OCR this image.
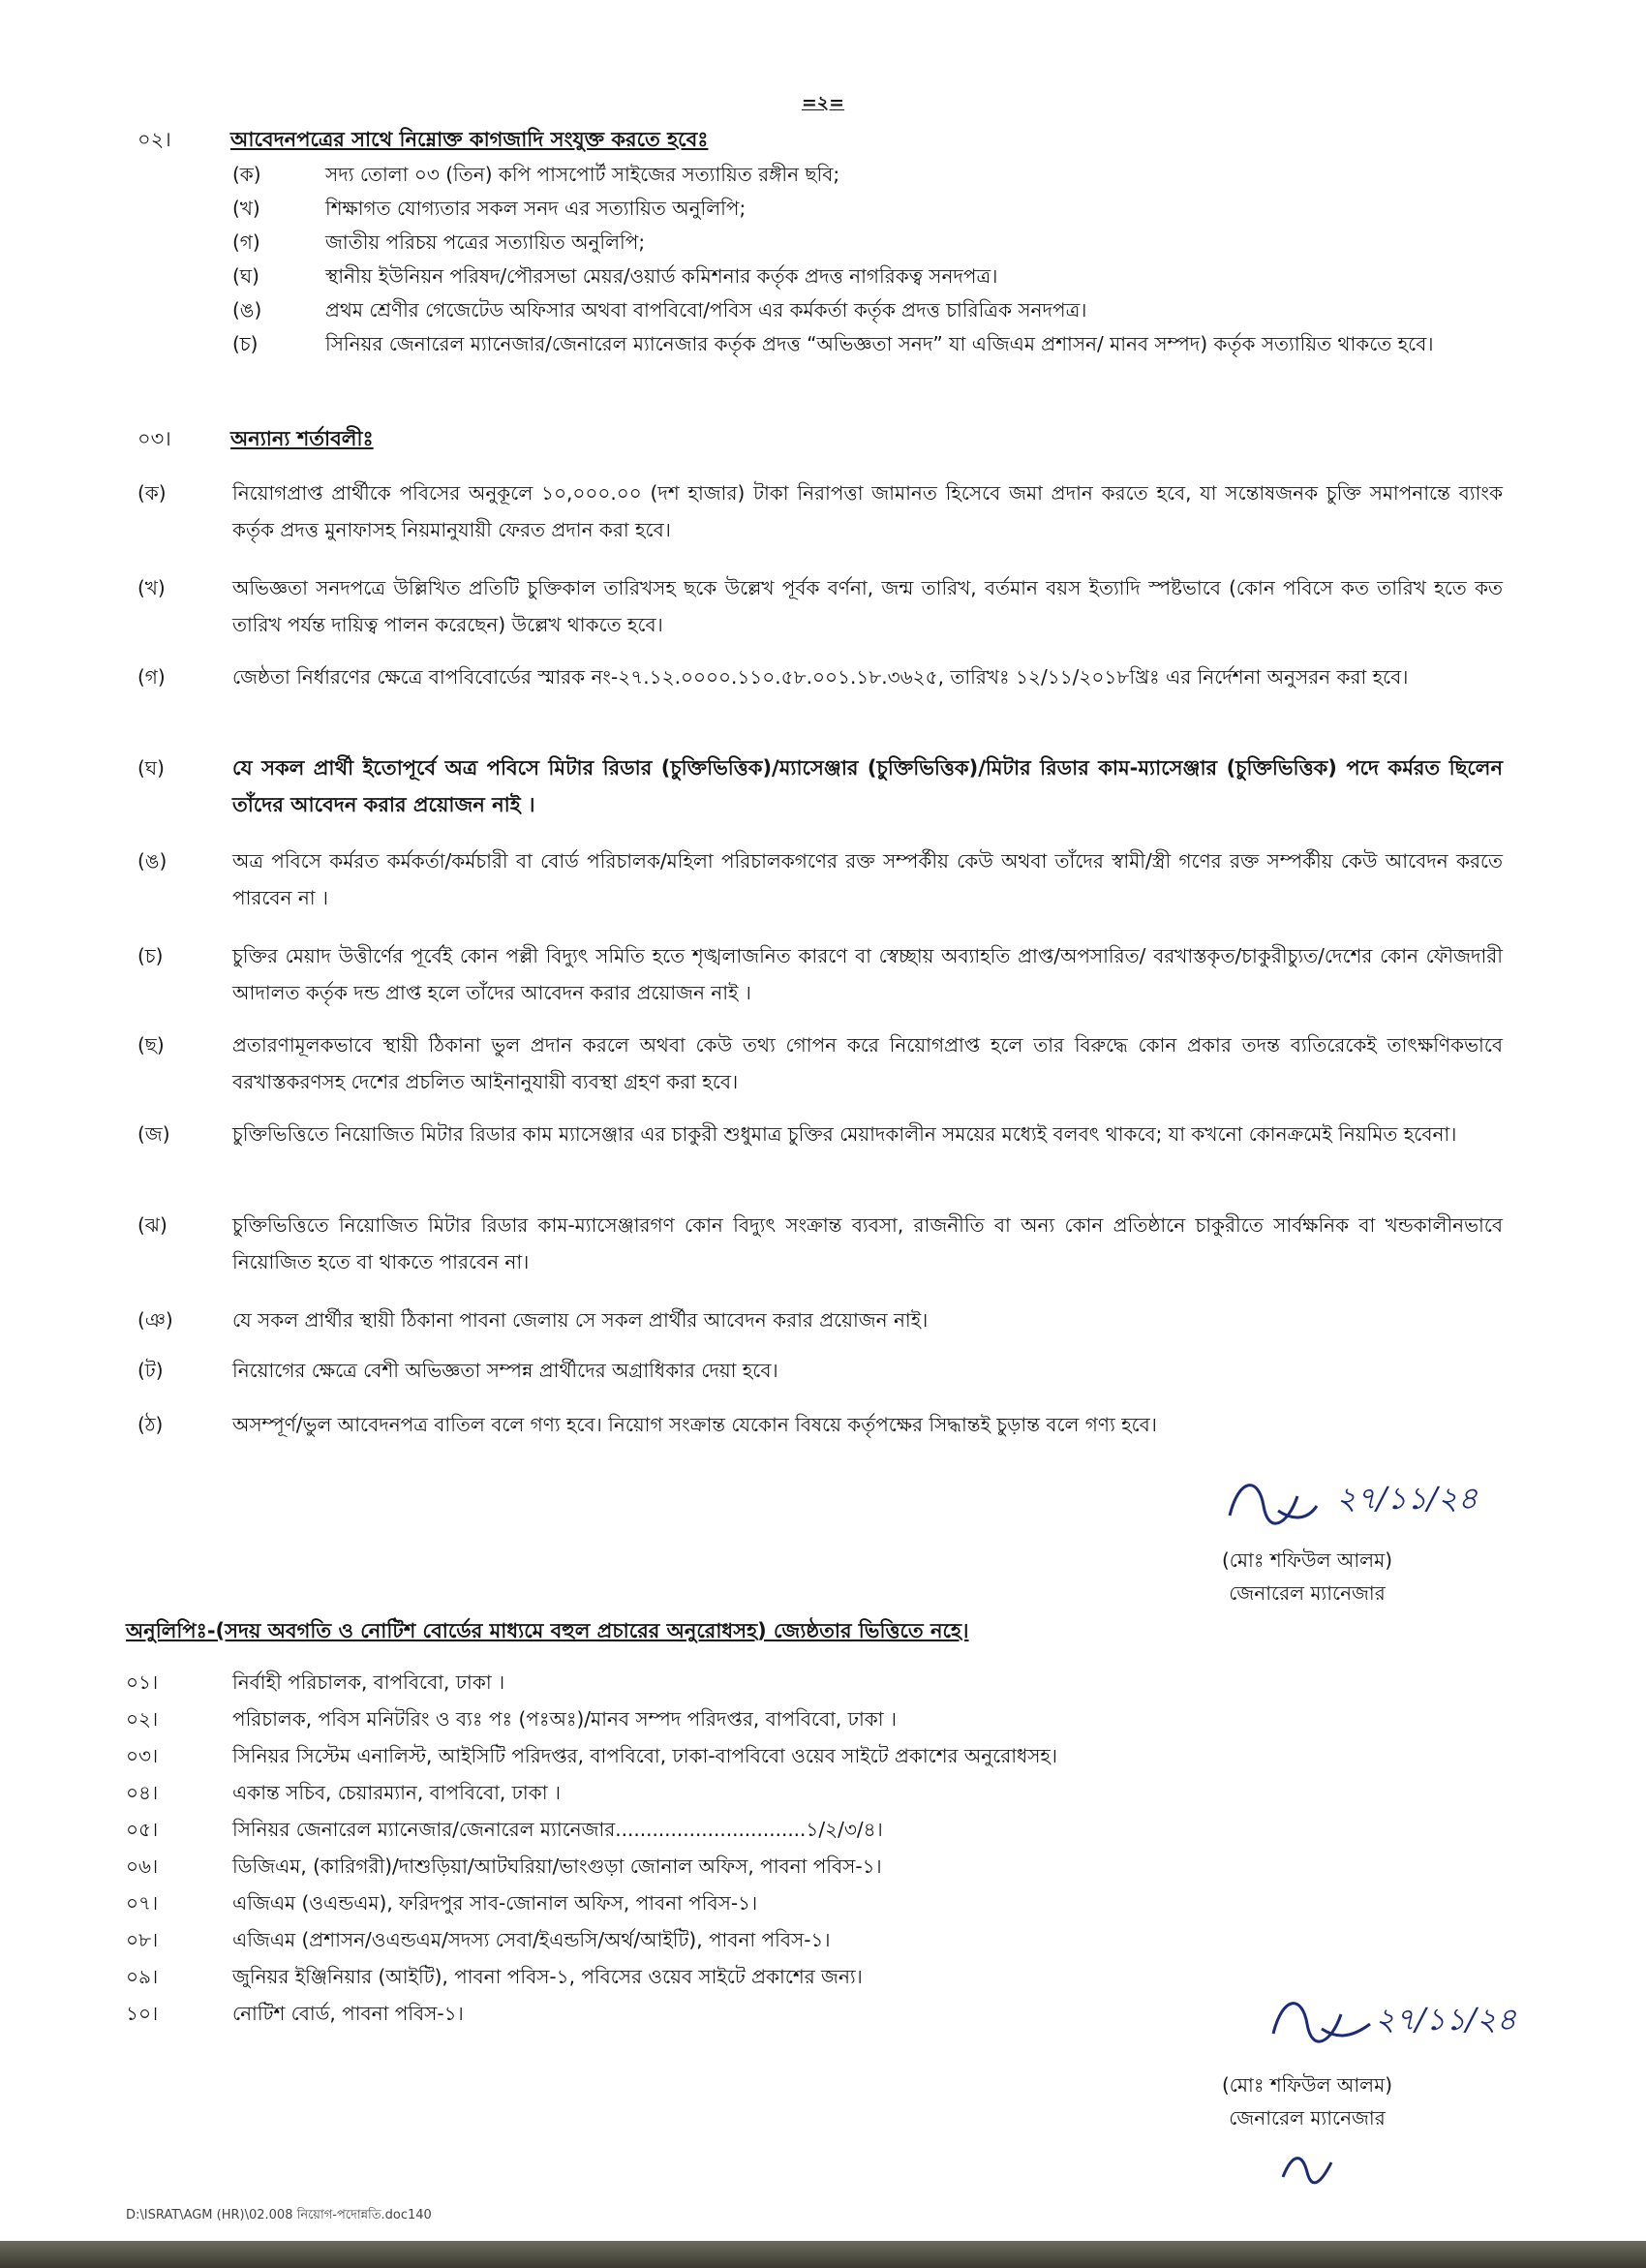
=২=
০২।	আবেদনপত্রের সাথে নিম্নোক্ত কাগজাদি সংযুক্ত করতে হবেঃ
(ক)	সদ্য তোলা ০৩ (তিন) কপি পাসপোর্ট সাইজের সত্যায়িত রঙ্গীন ছবি;
(খ)	শিক্ষাগত যোগ্যতার সকল সনদ এর সত্যায়িত অনুলিপি;
(গ)	জাতীয় পরিচয় পত্রের সত্যায়িত অনুলিপি;
(ঘ)	স্থানীয় ইউনিয়ন পরিষদ/পৌরসভা মেয়র/ওয়ার্ড কমিশনার কর্তৃক প্রদত্ত নাগরিকত্ব সনদপত্র।
(ঙ)	প্রথম শ্রেণীর গেজেটেড অফিসার অথবা বাপবিবো/পবিস এর কর্মকর্তা কর্তৃক প্রদত্ত চারিত্রিক সনদপত্র।
(চ)	সিনিয়র জেনারেল ম্যানেজার/জেনারেল ম্যানেজার কর্তৃক প্রদত্ত “অভিজ্ঞতা সনদ” যা এজিএম প্রশাসন/ মানব সম্পদ) কর্তৃক সত্যায়িত থাকতে হবে।
০৩।	অন্যান্য শর্তাবলীঃ
(ক)	নিয়োগপ্রাপ্ত প্রার্থীকে পবিসের অনুকূলে ১০,০০০.০০ (দশ হাজার) টাকা নিরাপত্তা জামানত হিসেবে জমা প্রদান করতে হবে, যা সন্তোষজনক চুক্তি সমাপনান্তে ব্যাংক কর্তৃক প্রদত্ত মুনাফাসহ নিয়মানুযায়ী ফেরত প্রদান করা হবে।
(খ)	অভিজ্ঞতা সনদপত্রে উল্লিখিত প্রতিটি চুক্তিকাল তারিখসহ ছকে উল্লেখ পূর্বক বর্ণনা, জন্ম তারিখ, বর্তমান বয়স ইত্যাদি স্পষ্টভাবে (কোন পবিসে কত তারিখ হতে কত তারিখ পর্যন্ত দায়িত্ব পালন করেছেন) উল্লেখ থাকতে হবে।
(গ)	জেষ্ঠতা নির্ধারণের ক্ষেত্রে বাপবিবোর্ডের স্মারক নং-২৭.১২.০০০০.১১০.৫৮.০০১.১৮.৩৬২৫, তারিখঃ ১২/১১/২০১৮খ্রিঃ এর নির্দেশনা অনুসরন করা হবে।
(ঘ)	যে সকল প্রার্থী ইতোপূর্বে অত্র পবিসে মিটার রিডার (চুক্তিভিত্তিক)/ম্যাসেঞ্জার (চুক্তিভিত্তিক)/মিটার রিডার কাম-ম্যাসেঞ্জার (চুক্তিভিত্তিক) পদে কর্মরত ছিলেন তাঁদের আবেদন করার প্রয়োজন নাই ।
(ঙ)	অত্র পবিসে কর্মরত কর্মকর্তা/কর্মচারী বা বোর্ড পরিচালক/মহিলা পরিচালকগণের রক্ত সম্পর্কীয় কেউ অথবা তাঁদের স্বামী/স্ত্রী গণের রক্ত সম্পর্কীয় কেউ আবেদন করতে পারবেন না ।
(চ)	চুক্তির মেয়াদ উত্তীর্ণের পূর্বেই কোন পল্লী বিদ্যুৎ সমিতি হতে শৃঙ্খলাজনিত কারণে বা স্বেচ্ছায় অব্যাহতি প্রাপ্ত/অপসারিত/ বরখাস্তকৃত/চাকুরীচ্যুত/দেশের কোন ফৌজদারী আদালত কর্তৃক দন্ড প্রাপ্ত হলে তাঁদের আবেদন করার প্রয়োজন নাই ।
(ছ)	প্রতারণামূলকভাবে স্থায়ী ঠিকানা ভুল প্রদান করলে অথবা কেউ তথ্য গোপন করে নিয়োগপ্রাপ্ত হলে তার বিরুদ্ধে কোন প্রকার তদন্ত ব্যতিরেকেই তাৎক্ষণিকভাবে বরখাস্তকরণসহ দেশের প্রচলিত আইনানুযায়ী ব্যবস্থা গ্রহণ করা হবে।
(জ)	চুক্তিভিত্তিতে নিয়োজিত মিটার রিডার কাম ম্যাসেঞ্জার এর চাকুরী শুধুমাত্র চুক্তির মেয়াদকালীন সময়ের মধ্যেই বলবৎ থাকবে; যা কখনো কোনক্রমেই নিয়মিত হবেনা।
(ঝ)	চুক্তিভিত্তিতে নিয়োজিত মিটার রিডার কাম-ম্যাসেঞ্জারগণ কোন বিদ্যুৎ সংক্রান্ত ব্যবসা, রাজনীতি বা অন্য কোন প্রতিষ্ঠানে চাকুরীতে সার্বক্ষনিক বা খন্ডকালীনভাবে নিয়োজিত হতে বা থাকতে পারবেন না।
(ঞ)	যে সকল প্রার্থীর স্থায়ী ঠিকানা পাবনা জেলায় সে সকল প্রার্থীর আবেদন করার প্রয়োজন নাই।
(ট)	নিয়োগের ক্ষেত্রে বেশী অভিজ্ঞতা সম্পন্ন প্রার্থীদের অগ্রাধিকার দেয়া হবে।
(ঠ)	অসম্পূর্ণ/ভুল আবেদনপত্র বাতিল বলে গণ্য হবে। নিয়োগ সংক্রান্ত যেকোন বিষয়ে কর্তৃপক্ষের সিদ্ধান্তই চুড়ান্ত বলে গণ্য হবে।
২৭/১১/২৪
(মোঃ শফিউল আলম)
জেনারেল ম্যানেজার
অনুলিপিঃ-(সদয় অবগতি ও নোটিশ বোর্ডের মাধ্যমে বহুল প্রচারের অনুরোধসহ) জ্যেষ্ঠতার ভিত্তিতে নহে।
০১।	নির্বাহী পরিচালক, বাপবিবো, ঢাকা ।
০২।	পরিচালক, পবিস মনিটরিং ও ব্যঃ পঃ (পঃঅঃ)/মানব সম্পদ পরিদপ্তর, বাপবিবো, ঢাকা ।
০৩।	সিনিয়র সিস্টেম এনালিস্ট, আইসিটি পরিদপ্তর, বাপবিবো, ঢাকা-বাপবিবো ওয়েব সাইটে প্রকাশের অনুরোধসহ।
০৪।	একান্ত সচিব, চেয়ারম্যান, বাপবিবো, ঢাকা ।
০৫।	সিনিয়র জেনারেল ম্যানেজার/জেনারেল ম্যানেজার...............................১/২/৩/৪।
০৬।	ডিজিএম, (কারিগরী)/দাশুড়িয়া/আটঘরিয়া/ভাংগুড়া জোনাল অফিস, পাবনা পবিস-১।
০৭।	এজিএম (ওএন্ডএম), ফরিদপুর সাব-জোনাল অফিস, পাবনা পবিস-১।
০৮।	এজিএম (প্রশাসন/ওএন্ডএম/সদস্য সেবা/ইএন্ডসি/অর্থ/আইটি), পাবনা পবিস-১।
০৯।	জুনিয়র ইঞ্জিনিয়ার (আইটি), পাবনা পবিস-১, পবিসের ওয়েব সাইটে প্রকাশের জন্য।
১০।	নোটিশ বোর্ড, পাবনা পবিস-১।	২৭/১১/২৪
(মোঃ শফিউল আলম)
জেনারেল ম্যানেজার
D:\ISRAT\AGM (HR)\02.008 নিয়োগ-পদোন্নতি.doc140
